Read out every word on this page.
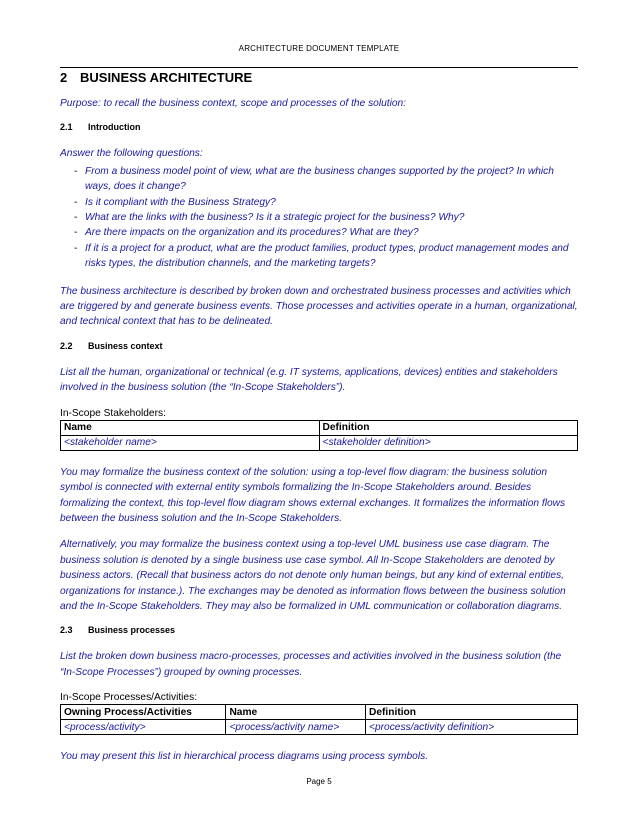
ARCHITECTURE DOCUMENT TEMPLATE
2 BUSINESS ARCHITECTURE

Purpose: to recall the business context, scope and processes of the solution:

2.1	Introduction

Answer the following questions:

- From a business model point of view, what are the business changes supported by the project? In which ways, does it change?
- Is it compliant with the Business Strategy?
- What are the links with the business? Is it a strategic project for the business? Why?
- Are there impacts on the organization and its procedures? What are they?
- If it is a project for a product, what are the product families, product types, product management modes and risks types, the distribution channels, and the marketing targets?

The business architecture is described by broken down and orchestrated business processes and activities which are triggered by and generate business events. Those processes and activities operate in a human, organizational, and technical context that has to be delineated.

2.2	Business context

List all the human, organizational or technical (e.g. IT systems, applications, devices) entities and stakeholders involved in the business solution (the “In-Scope Stakeholders”).

In-Scope Stakeholders:

Name	Definition
<stakeholder name>	<stakeholder definition>

You may formalize the business context of the solution: using a top-level flow diagram: the business solution symbol is connected with external entity symbols formalizing the In-Scope Stakeholders around. Besides formalizing the context, this top-level flow diagram shows external exchanges. It formalizes the information flows between the business solution and the In-Scope Stakeholders.

Alternatively, you may formalize the business context using a top-level UML business use case diagram. The business solution is denoted by a single business use case symbol. All In-Scope Stakeholders are denoted by business actors. (Recall that business actors do not denote only human beings, but any kind of external entities, organizations for instance.). The exchanges may be denoted as information flows between the business solution and the In-Scope Stakeholders. They may also be formalized in UML communication or collaboration diagrams.

2.3	Business processes

List the broken down business macro-processes, processes and activities involved in the business solution (the “In-Scope Processes”) grouped by owning processes.

In-Scope Processes/Activities:

Owning Process/Activities	Name	Definition
<process/activity>	<process/activity name>	<process/activity definition>

You may present this list in hierarchical process diagrams using process symbols.

Page 5
